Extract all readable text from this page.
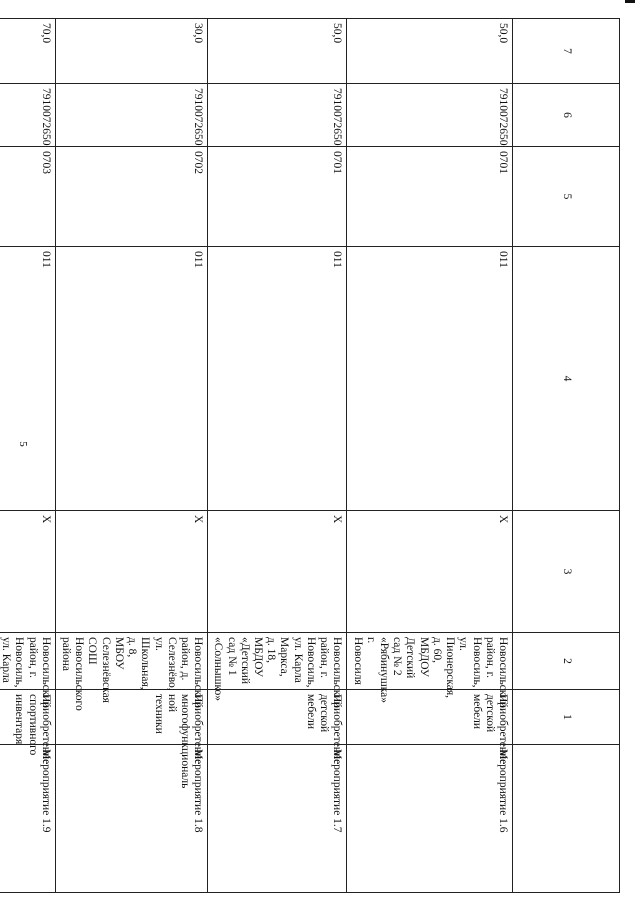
5
7	6	5	4	3	2	1	
50,0	7910072650	0701	011	Х	Новосильский район, г. Новосиль, ул. Пионерская, д. 60, МБДОУ Детский сад № 2 «Рябинушка» г. Новосиля	Приобретение детской мебели	Мероприятие 1.6
50,0	7910072650	0701	011	Х	Новосильский район, г. Новосиль, ул. Карла Маркса, д. 18, МБДОУ «Детский сад № 1 «Солнышко»	Приобретение детской мебели	Мероприятие 1.7
30,0	7910072650	0702	011	Х	Новосильский район, д. Селезнёво, ул. Школьная, д. 8, МБОУ Селезнёвская СОШ Новосильского района	Приобретение многофункциональ ной техники	Мероприятие 1.8
70,0	7910072650	0703	011	Х	Новосильский район, г. Новосиль, ул. Карла	Приобретение спортивного инвентаря	Мероприятие 1.9
